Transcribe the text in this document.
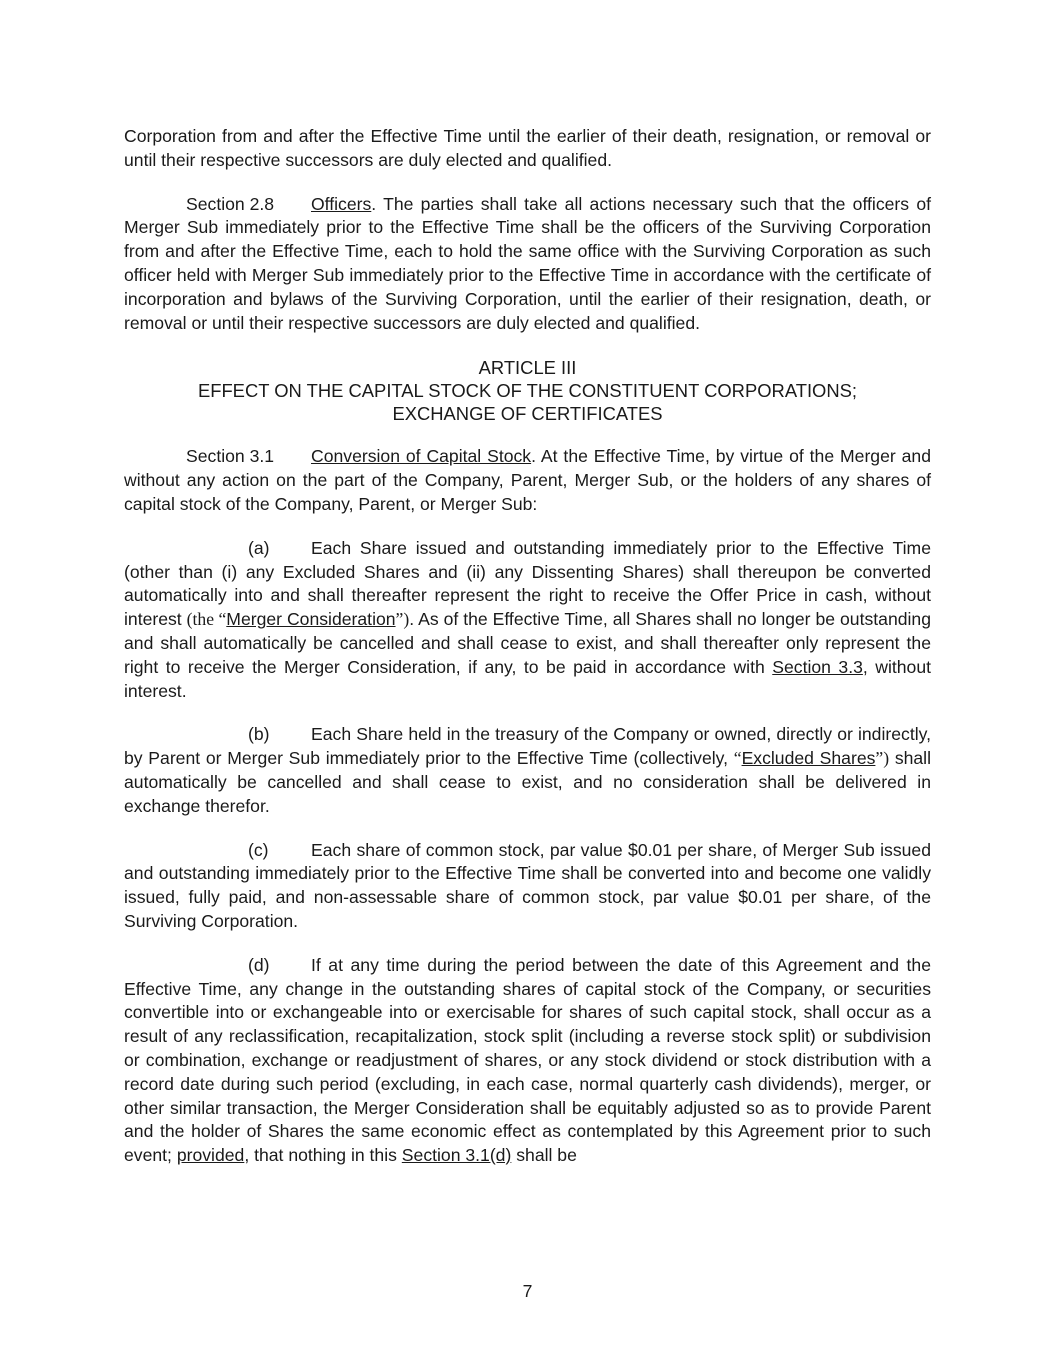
Corporation from and after the Effective Time until the earlier of their death, resignation, or removal or until their respective successors are duly elected and qualified.

Section 2.8 Officers. The parties shall take all actions necessary such that the officers of Merger Sub immediately prior to the Effective Time shall be the officers of the Surviving Corporation from and after the Effective Time, each to hold the same office with the Surviving Corporation as such officer held with Merger Sub immediately prior to the Effective Time in accordance with the certificate of incorporation and bylaws of the Surviving Corporation, until the earlier of their resignation, death, or removal or until their respective successors are duly elected and qualified.

ARTICLE III
EFFECT ON THE CAPITAL STOCK OF THE CONSTITUENT CORPORATIONS;
EXCHANGE OF CERTIFICATES

Section 3.1 Conversion of Capital Stock. At the Effective Time, by virtue of the Merger and without any action on the part of the Company, Parent, Merger Sub, or the holders of any shares of capital stock of the Company, Parent, or Merger Sub:

(a) Each Share issued and outstanding immediately prior to the Effective Time (other than (i) any Excluded Shares and (ii) any Dissenting Shares) shall thereupon be converted automatically into and shall thereafter represent the right to receive the Offer Price in cash, without interest (the “Merger Consideration”). As of the Effective Time, all Shares shall no longer be outstanding and shall automatically be cancelled and shall cease to exist, and shall thereafter only represent the right to receive the Merger Consideration, if any, to be paid in accordance with Section 3.3, without interest.

(b) Each Share held in the treasury of the Company or owned, directly or indirectly, by Parent or Merger Sub immediately prior to the Effective Time (collectively, “Excluded Shares”) shall automatically be cancelled and shall cease to exist, and no consideration shall be delivered in exchange therefor.

(c) Each share of common stock, par value $0.01 per share, of Merger Sub issued and outstanding immediately prior to the Effective Time shall be converted into and become one validly issued, fully paid, and non-assessable share of common stock, par value $0.01 per share, of the Surviving Corporation.

(d) If at any time during the period between the date of this Agreement and the Effective Time, any change in the outstanding shares of capital stock of the Company, or securities convertible into or exchangeable into or exercisable for shares of such capital stock, shall occur as a result of any reclassification, recapitalization, stock split (including a reverse stock split) or subdivision or combination, exchange or readjustment of shares, or any stock dividend or stock distribution with a record date during such period (excluding, in each case, normal quarterly cash dividends), merger, or other similar transaction, the Merger Consideration shall be equitably adjusted so as to provide Parent and the holder of Shares the same economic effect as contemplated by this Agreement prior to such event; provided, that nothing in this Section 3.1(d) shall be

7
